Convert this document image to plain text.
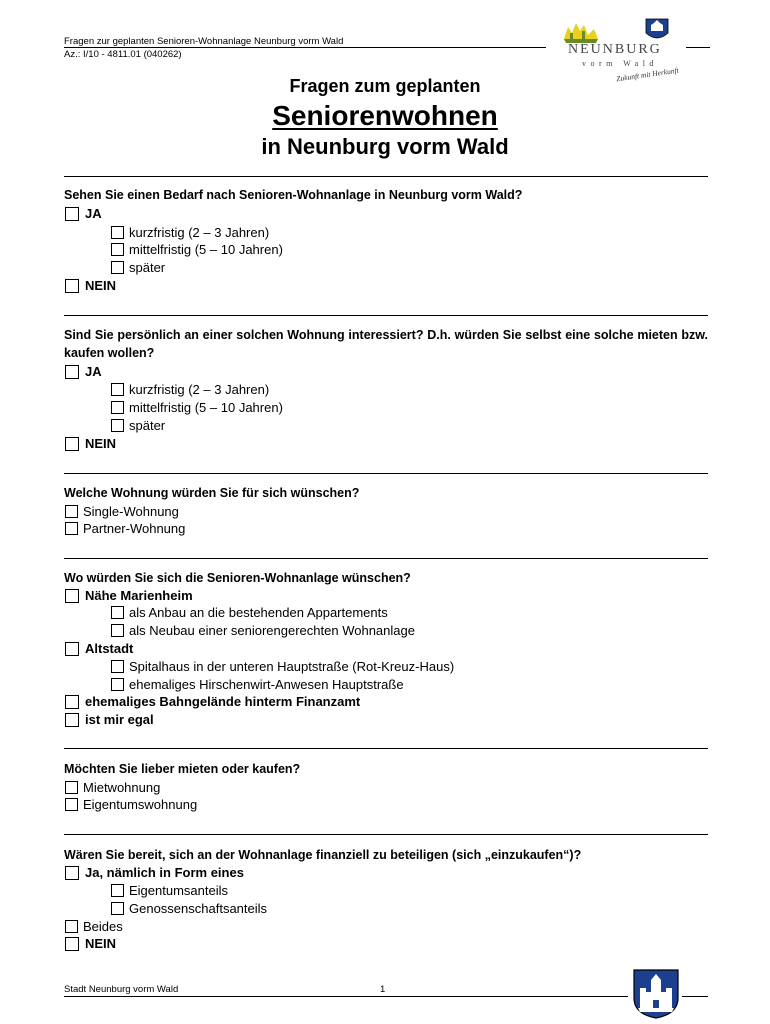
Fragen zur geplanten Senioren-Wohnanlage Neunburg vorm Wald
Az.: I/10 - 4811.01 (040262)	NEUNBURG
vorm Wald
Zukunft mit Herkunft
Fragen zum geplanten
Seniorenwohnen
in Neunburg vorm Wald
Sehen Sie einen Bedarf nach Senioren-Wohnanlage in Neunburg vorm Wald?
JA
kurzfristig (2 – 3 Jahren)
mittelfristig (5 – 10 Jahren)
später
NEIN
Sind Sie persönlich an einer solchen Wohnung interessiert? D.h. würden Sie selbst eine solche mieten bzw. kaufen wollen?
JA
kurzfristig (2 – 3 Jahren)
mittelfristig (5 – 10 Jahren)
später
NEIN
Welche Wohnung würden Sie für sich wünschen?
Single-Wohnung
Partner-Wohnung
Wo würden Sie sich die Senioren-Wohnanlage wünschen?
Nähe Marienheim
als Anbau an die bestehenden Appartements
als Neubau einer seniorengerechten Wohnanlage
Altstadt
Spitalhaus in der unteren Hauptstraße (Rot-Kreuz-Haus)
ehemaliges Hirschenwirt-Anwesen Hauptstraße
ehemaliges Bahngelände hinterm Finanzamt
ist mir egal
Möchten Sie lieber mieten oder kaufen?
Mietwohnung
Eigentumswohnung
Wären Sie bereit, sich an der Wohnanlage finanziell zu beteiligen (sich „einzukaufen“)?
Ja, nämlich in Form eines
Eigentumsanteils
Genossenschaftsanteils
Beides
NEIN
Stadt Neunburg vorm Wald	1
